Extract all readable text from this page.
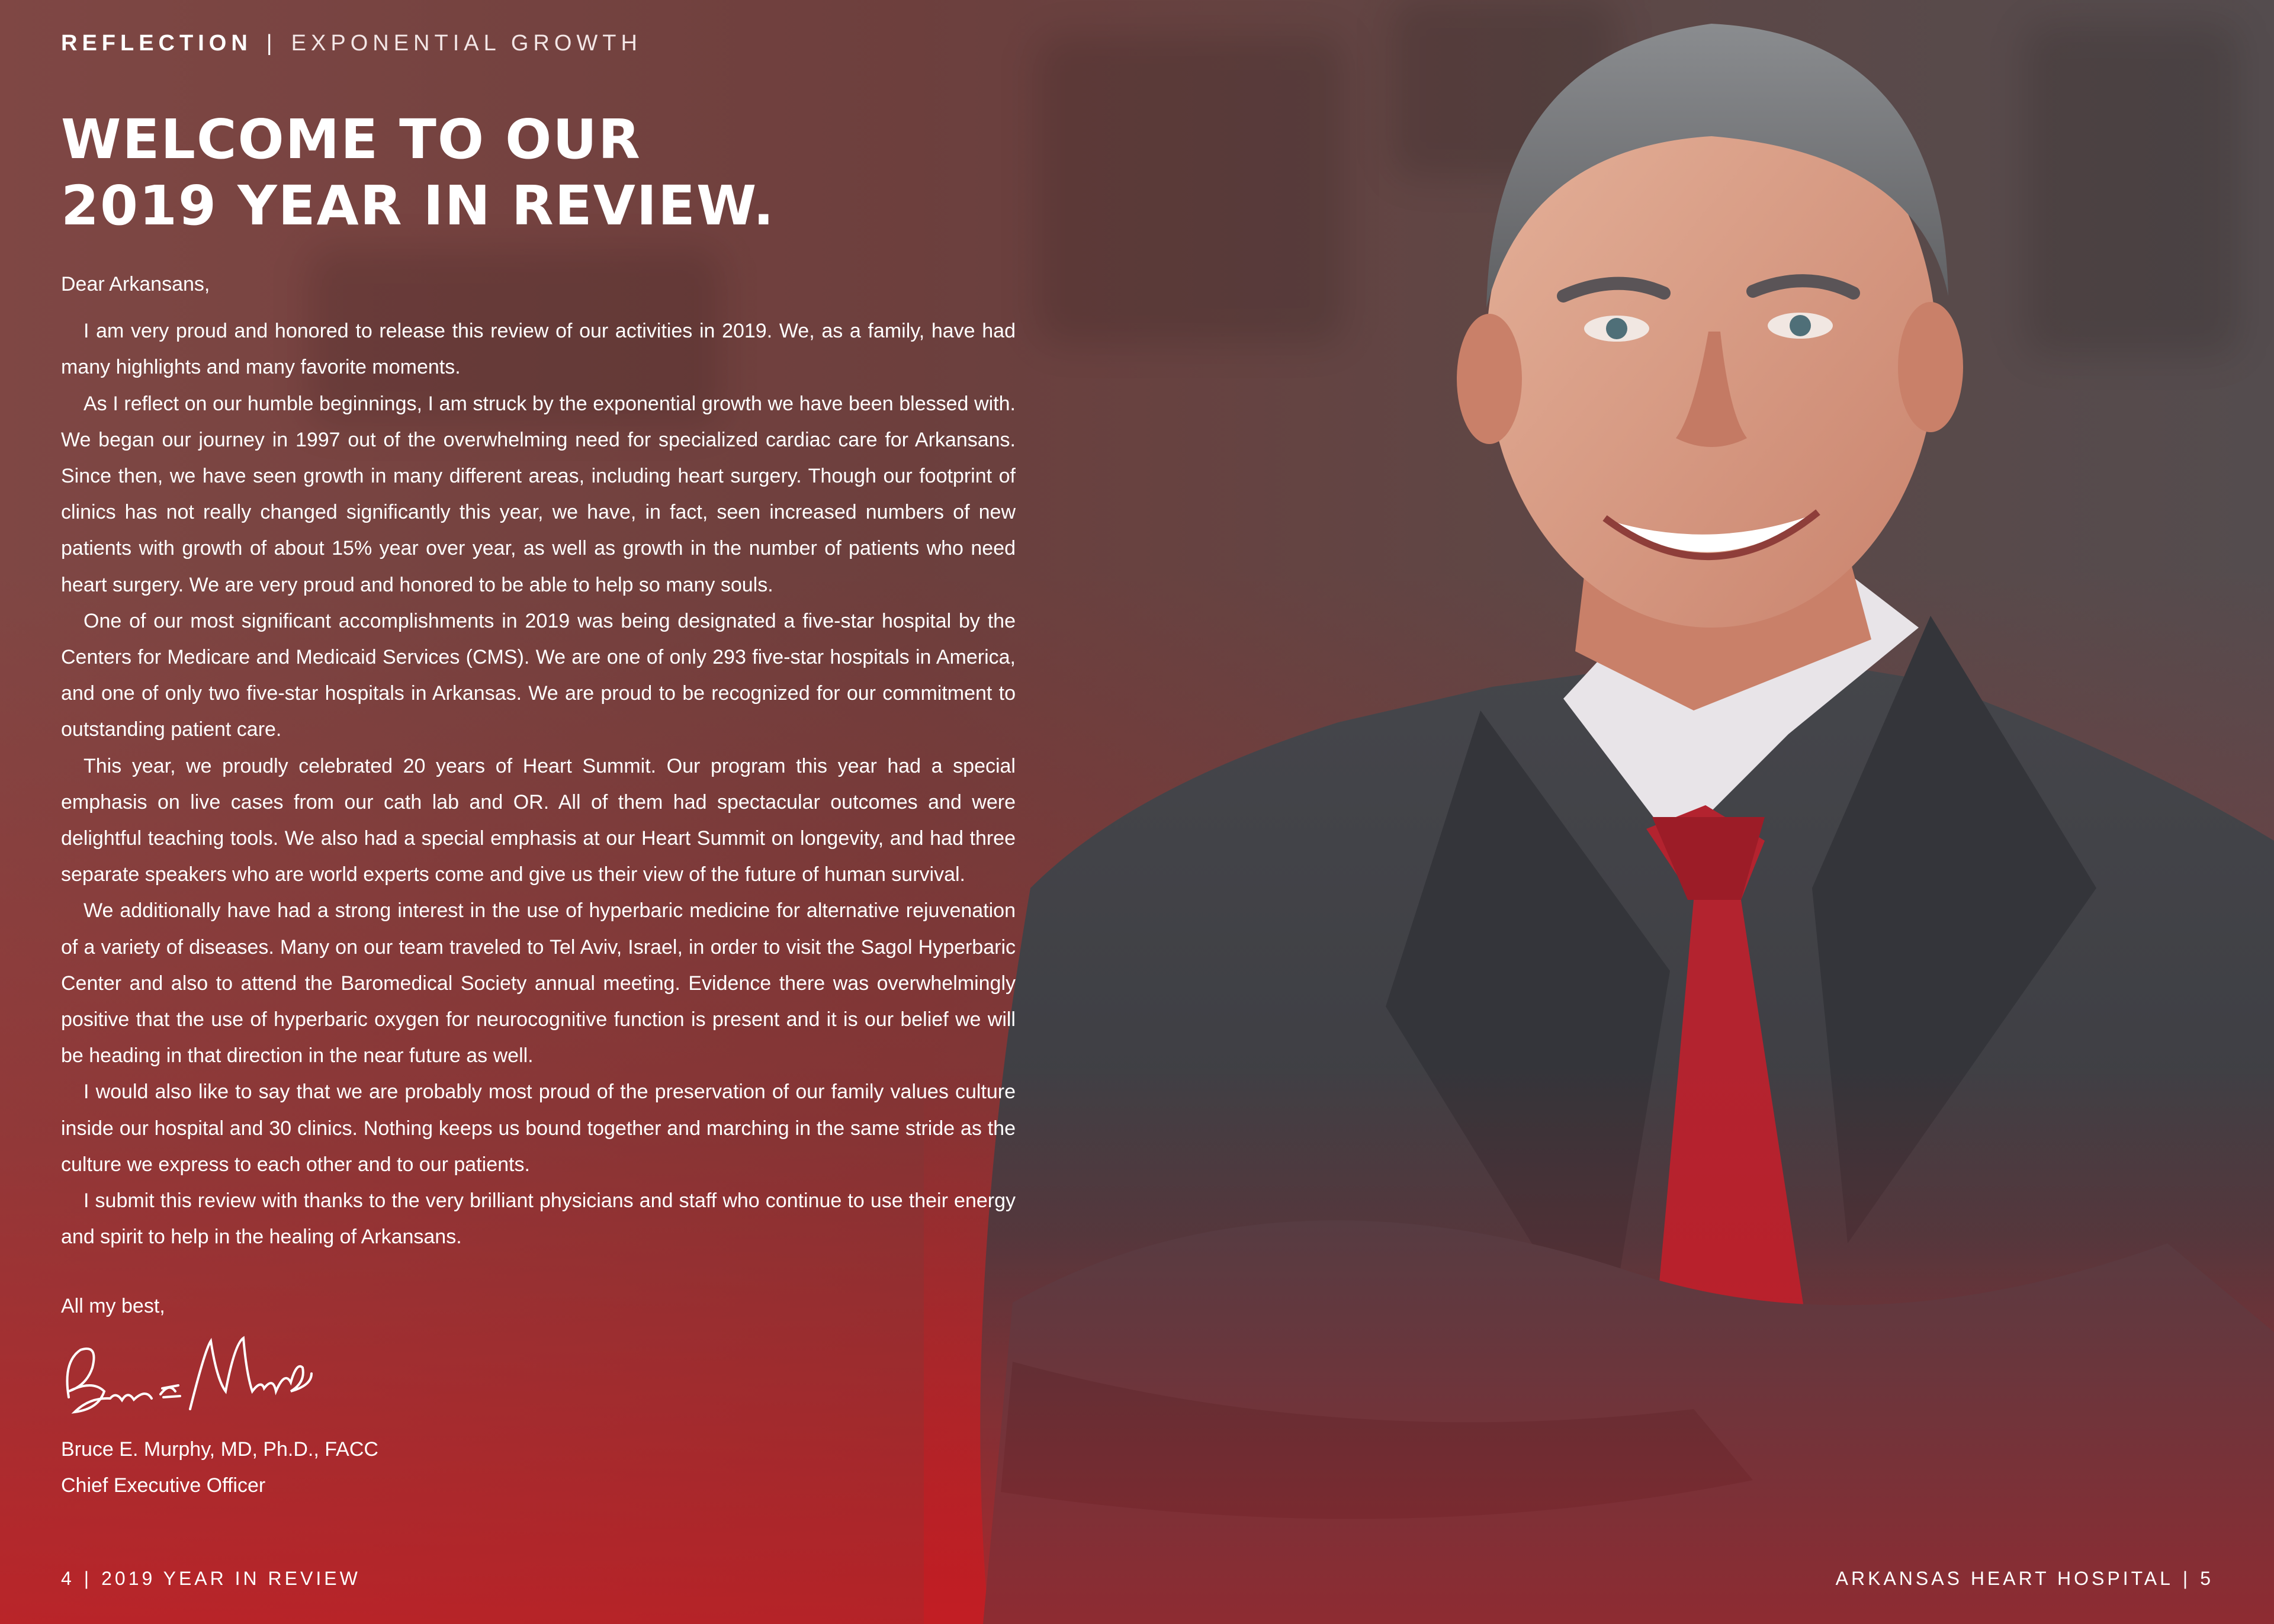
REFLECTION | EXPONENTIAL GROWTH
WELCOME TO OUR
2019 YEAR IN REVIEW.

Dear Arkansans,

I am very proud and honored to release this review of our activities in 2019. We, as a family, have had many highlights and many favorite moments.

As I reflect on our humble beginnings, I am struck by the exponential growth we have been blessed with. We began our journey in 1997 out of the overwhelming need for specialized cardiac care for Arkansans. Since then, we have seen growth in many different areas, including heart surgery. Though our footprint of clinics has not really changed significantly this year, we have, in fact, seen increased numbers of new patients with growth of about 15% year over year, as well as growth in the number of patients who need heart surgery. We are very proud and honored to be able to help so many souls.

One of our most significant accomplishments in 2019 was being designated a five-star hospital by the Centers for Medicare and Medicaid Services (CMS). We are one of only 293 five-star hospitals in America, and one of only two five-star hospitals in Arkansas. We are proud to be recognized for our commitment to outstanding patient care.

This year, we proudly celebrated 20 years of Heart Summit. Our program this year had a special emphasis on live cases from our cath lab and OR. All of them had spectacular outcomes and were delightful teaching tools. We also had a special emphasis at our Heart Summit on longevity, and had three separate speakers who are world experts come and give us their view of the future of human survival.

We additionally have had a strong interest in the use of hyperbaric medicine for alternative rejuvenation of a variety of diseases. Many on our team traveled to Tel Aviv, Israel, in order to visit the Sagol Hyperbaric Center and also to attend the Baromedical Society annual meeting. Evidence there was overwhelmingly positive that the use of hyperbaric oxygen for neurocognitive function is present and it is our belief we will be heading in that direction in the near future as well.

I would also like to say that we are probably most proud of the preservation of our family values culture inside our hospital and 30 clinics. Nothing keeps us bound together and marching in the same stride as the culture we express to each other and to our patients.

I submit this review with thanks to the very brilliant physicians and staff who continue to use their energy and spirit to help in the healing of Arkansans.

All my best,
Bruce E. Murphy, MD, Ph.D., FACC
Chief Executive Officer
4 | 2019 YEAR IN REVIEW	ARKANSAS HEART HOSPITAL | 5
